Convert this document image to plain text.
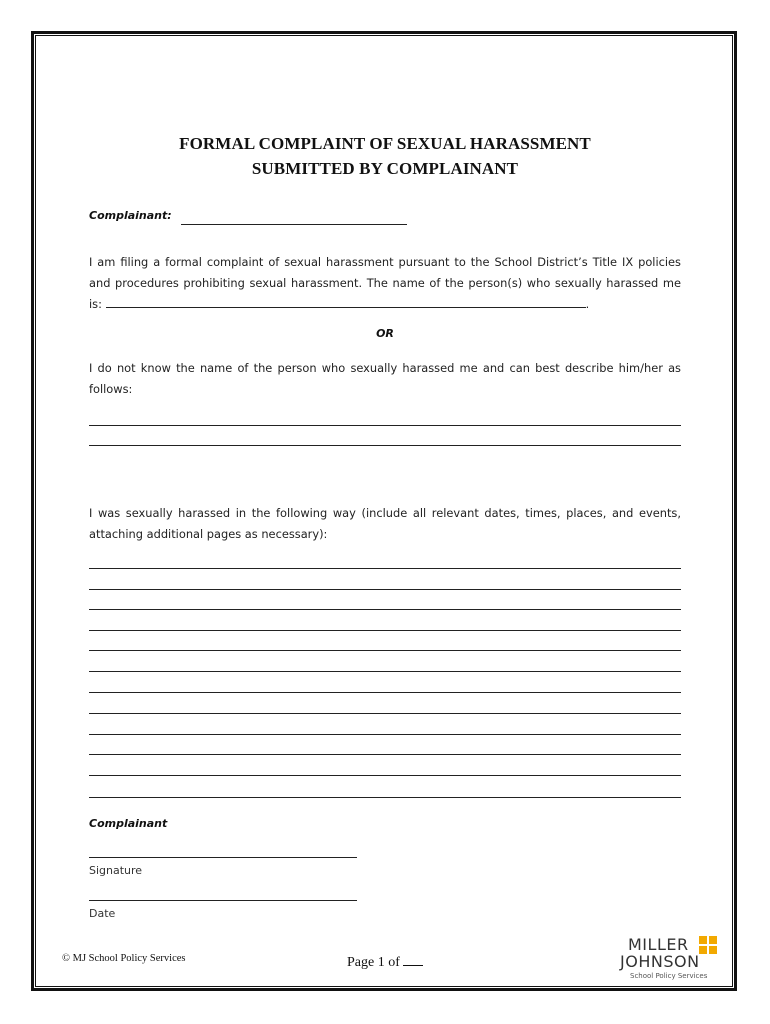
FORMAL COMPLAINT OF SEXUAL HARASSMENT
SUBMITTED BY COMPLAINANT
Complainant:
I am filing a formal complaint of sexual harassment pursuant to the School District’s Title IX policies and procedures prohibiting sexual harassment. The name of the person(s) who sexually harassed me is:	.
OR
I do not know the name of the person who sexually harassed me and can best describe him/her as follows:
I was sexually harassed in the following way (include all relevant dates, times, places, and events, attaching additional pages as necessary):
Complainant
Signature
Date
© MJ School Policy Services	Page 1 of
MILLER
JOHNSON
School Policy Services
